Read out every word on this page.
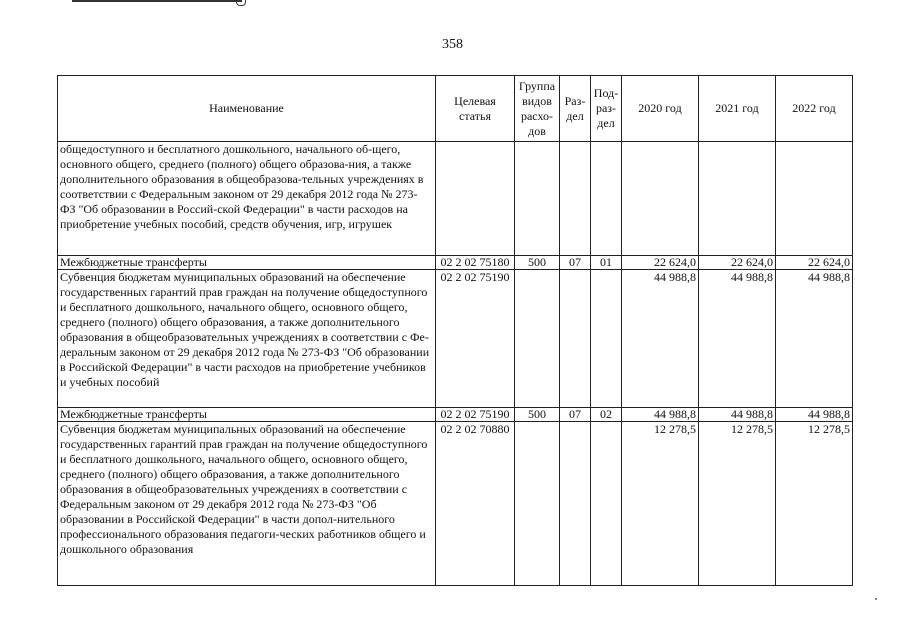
358
Наименование	Целевая статья	Группа видов расхо-дов	Раз-дел	Под-раз-дел	2020 год	2021 год	2022 год
общедоступного и бесплатного дошкольного, начального об-щего, основного общего, среднего (полного) общего образова-ния, а также дополнительного образования в общеобразова-тельных учреждениях в соответствии с Федеральным законом от 29 декабря 2012 года № 273-ФЗ "Об образовании в Россий-ской Федерации" в части расходов на приобретение учебных пособий, средств обучения, игр, игрушек							
Межбюджетные трансферты	02 2 02 75180	500	07	01	22 624,0	22 624,0	22 624,0
Субвенция бюджетам муниципальных образований на обеспечение государственных гарантий прав граждан на получение общедоступного и бесплатного дошкольного, начального общего, основного общего, среднего (полного) общего образования, а также дополнительного образования в общеобразовательных учреждениях в соответствии с Фе-деральным законом от 29 декабря 2012 года № 273-ФЗ "Об образовании в Российской Федерации" в части расходов на приобретение учебников и учебных пособий	02 2 02 75190				44 988,8	44 988,8	44 988,8
Межбюджетные трансферты	02 2 02 75190	500	07	02	44 988,8	44 988,8	44 988,8
Субвенция бюджетам муниципальных образований на обеспечение государственных гарантий прав граждан на получение общедоступного и бесплатного дошкольного, начального общего, основного общего, среднего (полного) общего образования, а также дополнительного образования в общеобразовательных учреждениях в соответствии с Федеральным законом от 29 декабря 2012 года № 273-ФЗ "Об образовании в Российской Федерации" в части допол-нительного профессионального образования педагоги-ческих работников общего и дошкольного образования	02 2 02 70880				12 278,5	12 278,5	12 278,5
